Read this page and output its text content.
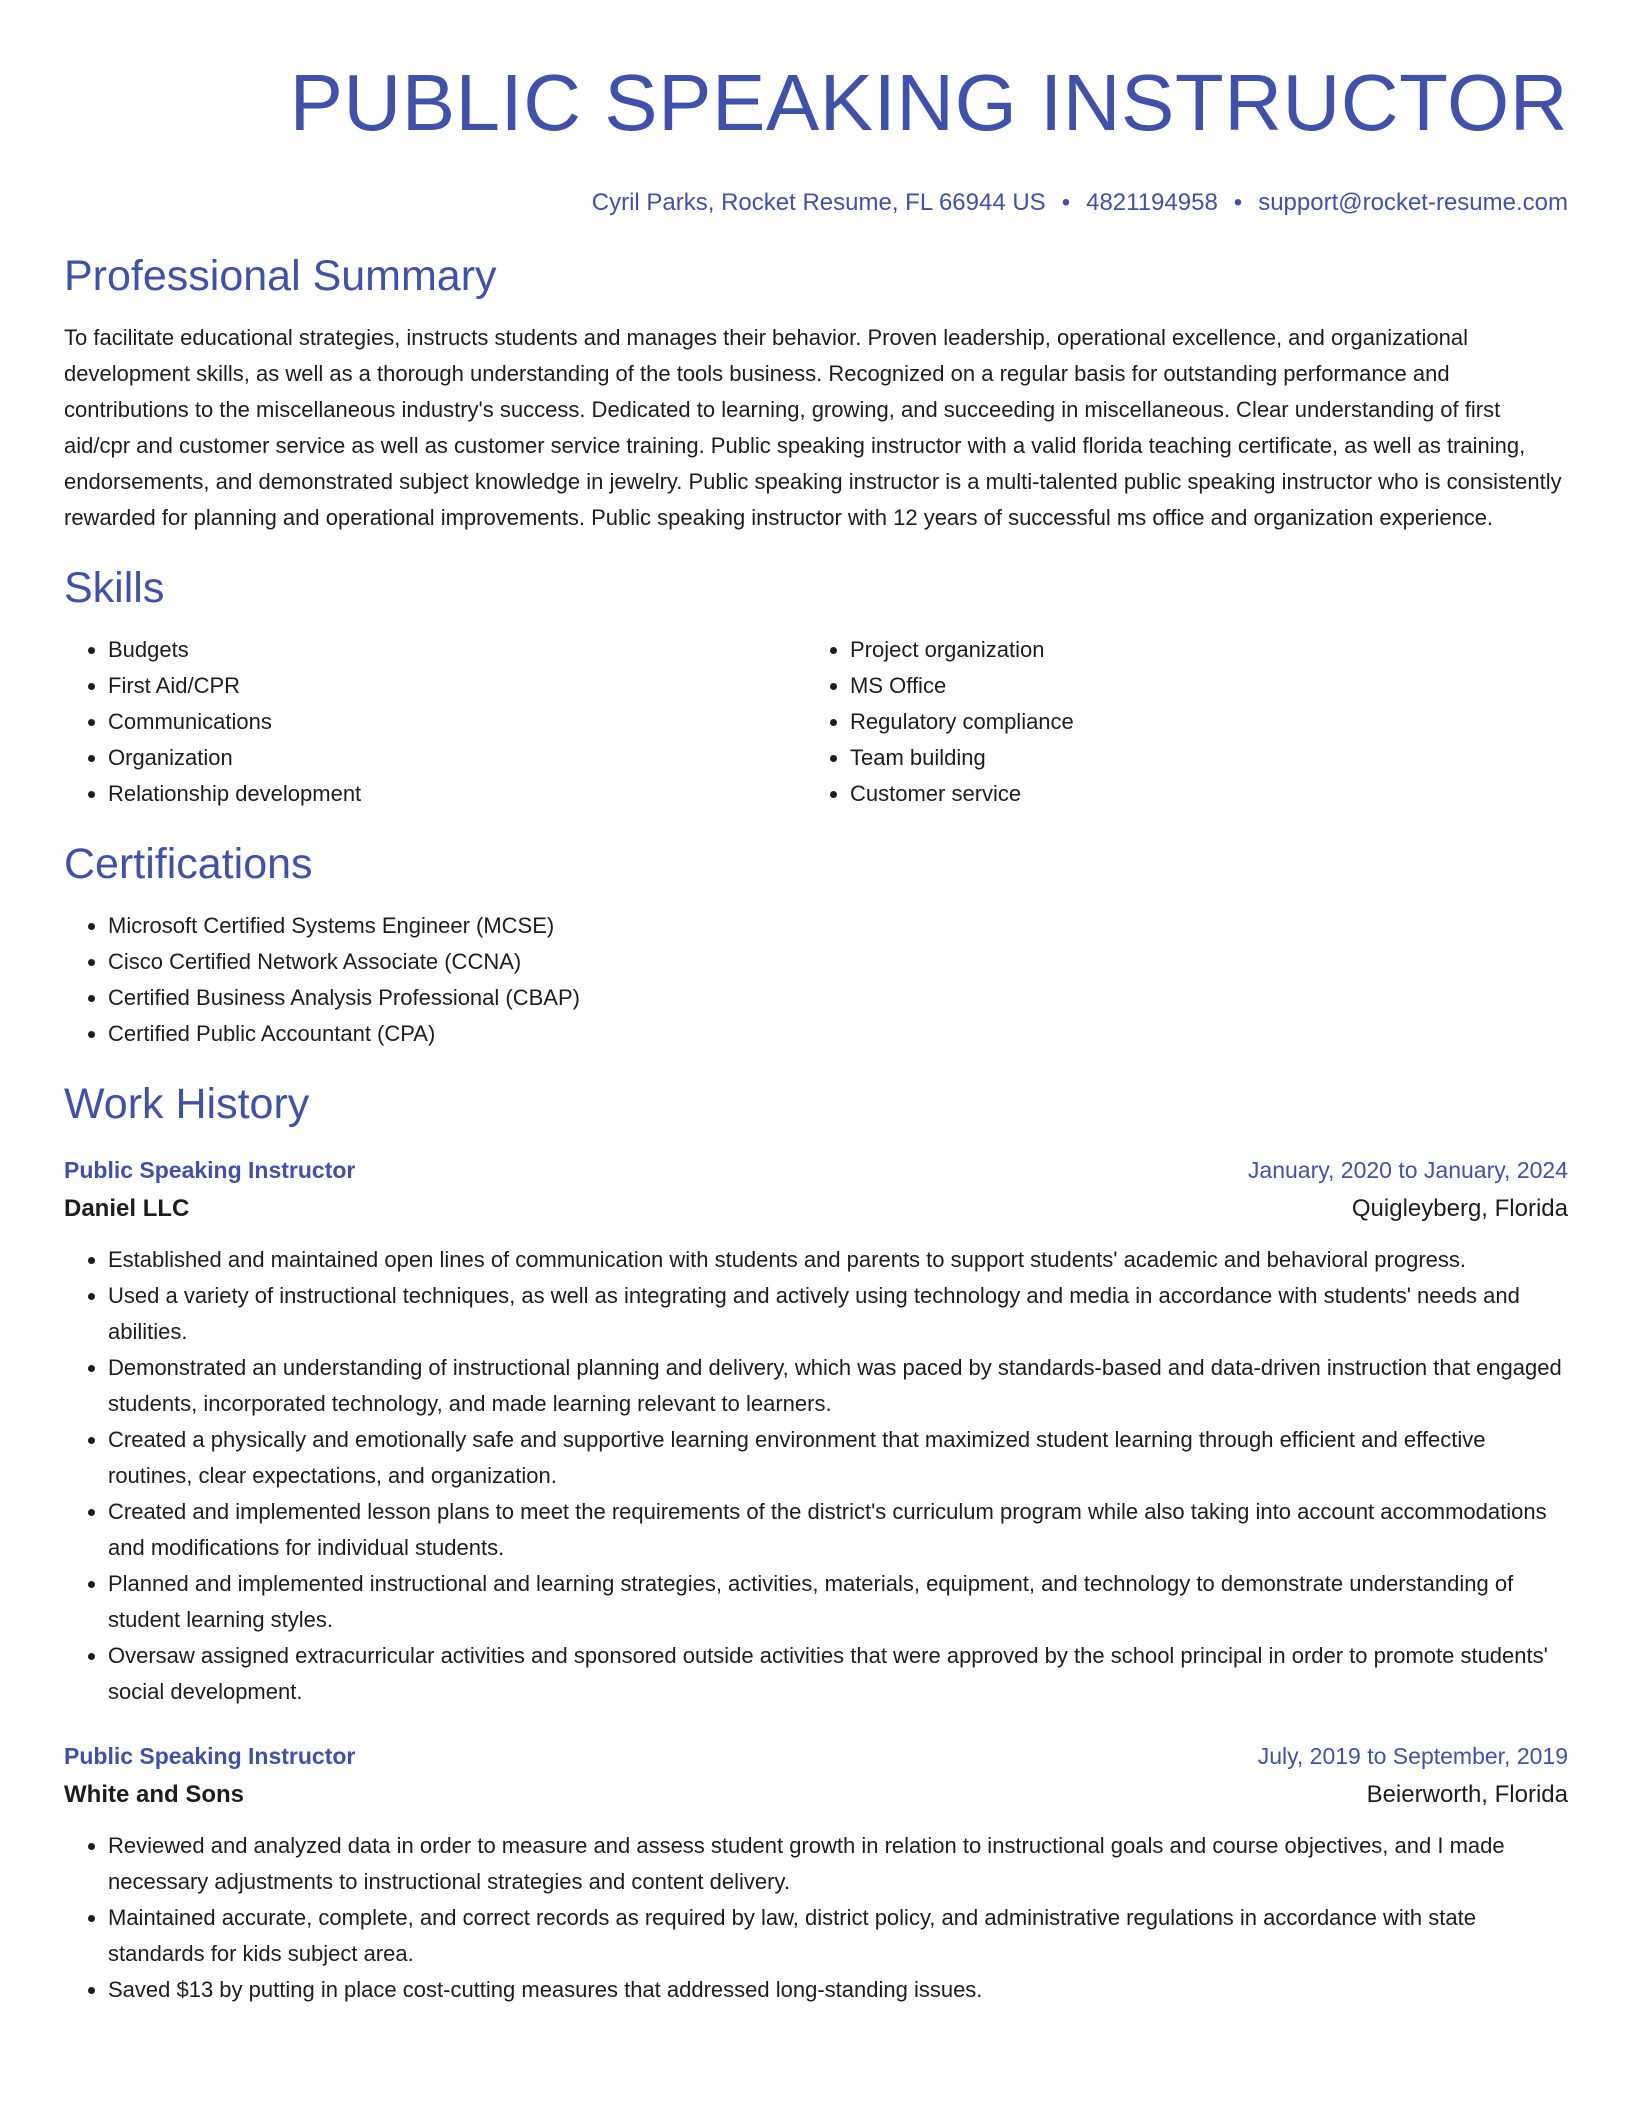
PUBLIC SPEAKING INSTRUCTOR
Cyril Parks, Rocket Resume, FL 66944 US • 4821194958 • support@rocket-resume.com
Professional Summary

To facilitate educational strategies, instructs students and manages their behavior. Proven leadership, operational excellence, and organizational development skills, as well as a thorough understanding of the tools business. Recognized on a regular basis for outstanding performance and contributions to the miscellaneous industry's success. Dedicated to learning, growing, and succeeding in miscellaneous. Clear understanding of first aid/cpr and customer service as well as customer service training. Public speaking instructor with a valid florida teaching certificate, as well as training, endorsements, and demonstrated subject knowledge in jewelry. Public speaking instructor is a multi-talented public speaking instructor who is consistently rewarded for planning and operational improvements. Public speaking instructor with 12 years of successful ms office and organization experience.

Skills
• Budgets
• First Aid/CPR
• Communications
• Organization
• Relationship development
• Project organization
• MS Office
• Regulatory compliance
• Team building
• Customer service
Certifications
• Microsoft Certified Systems Engineer (MCSE)
• Cisco Certified Network Associate (CCNA)
• Certified Business Analysis Professional (CBAP)
• Certified Public Accountant (CPA)
Work History
Public Speaking Instructor	January, 2020 to January, 2024
Daniel LLC	Quigleyberg, Florida
• Established and maintained open lines of communication with students and parents to support students' academic and behavioral progress.
• Used a variety of instructional techniques, as well as integrating and actively using technology and media in accordance with students' needs and abilities.
• Demonstrated an understanding of instructional planning and delivery, which was paced by standards-based and data-driven instruction that engaged students, incorporated technology, and made learning relevant to learners.
• Created a physically and emotionally safe and supportive learning environment that maximized student learning through efficient and effective routines, clear expectations, and organization.
• Created and implemented lesson plans to meet the requirements of the district's curriculum program while also taking into account accommodations and modifications for individual students.
• Planned and implemented instructional and learning strategies, activities, materials, equipment, and technology to demonstrate understanding of student learning styles.
• Oversaw assigned extracurricular activities and sponsored outside activities that were approved by the school principal in order to promote students' social development.
Public Speaking Instructor	July, 2019 to September, 2019
White and Sons	Beierworth, Florida
• Reviewed and analyzed data in order to measure and assess student growth in relation to instructional goals and course objectives, and I made necessary adjustments to instructional strategies and content delivery.
• Maintained accurate, complete, and correct records as required by law, district policy, and administrative regulations in accordance with state standards for kids subject area.
• Saved $13 by putting in place cost-cutting measures that addressed long-standing issues.
